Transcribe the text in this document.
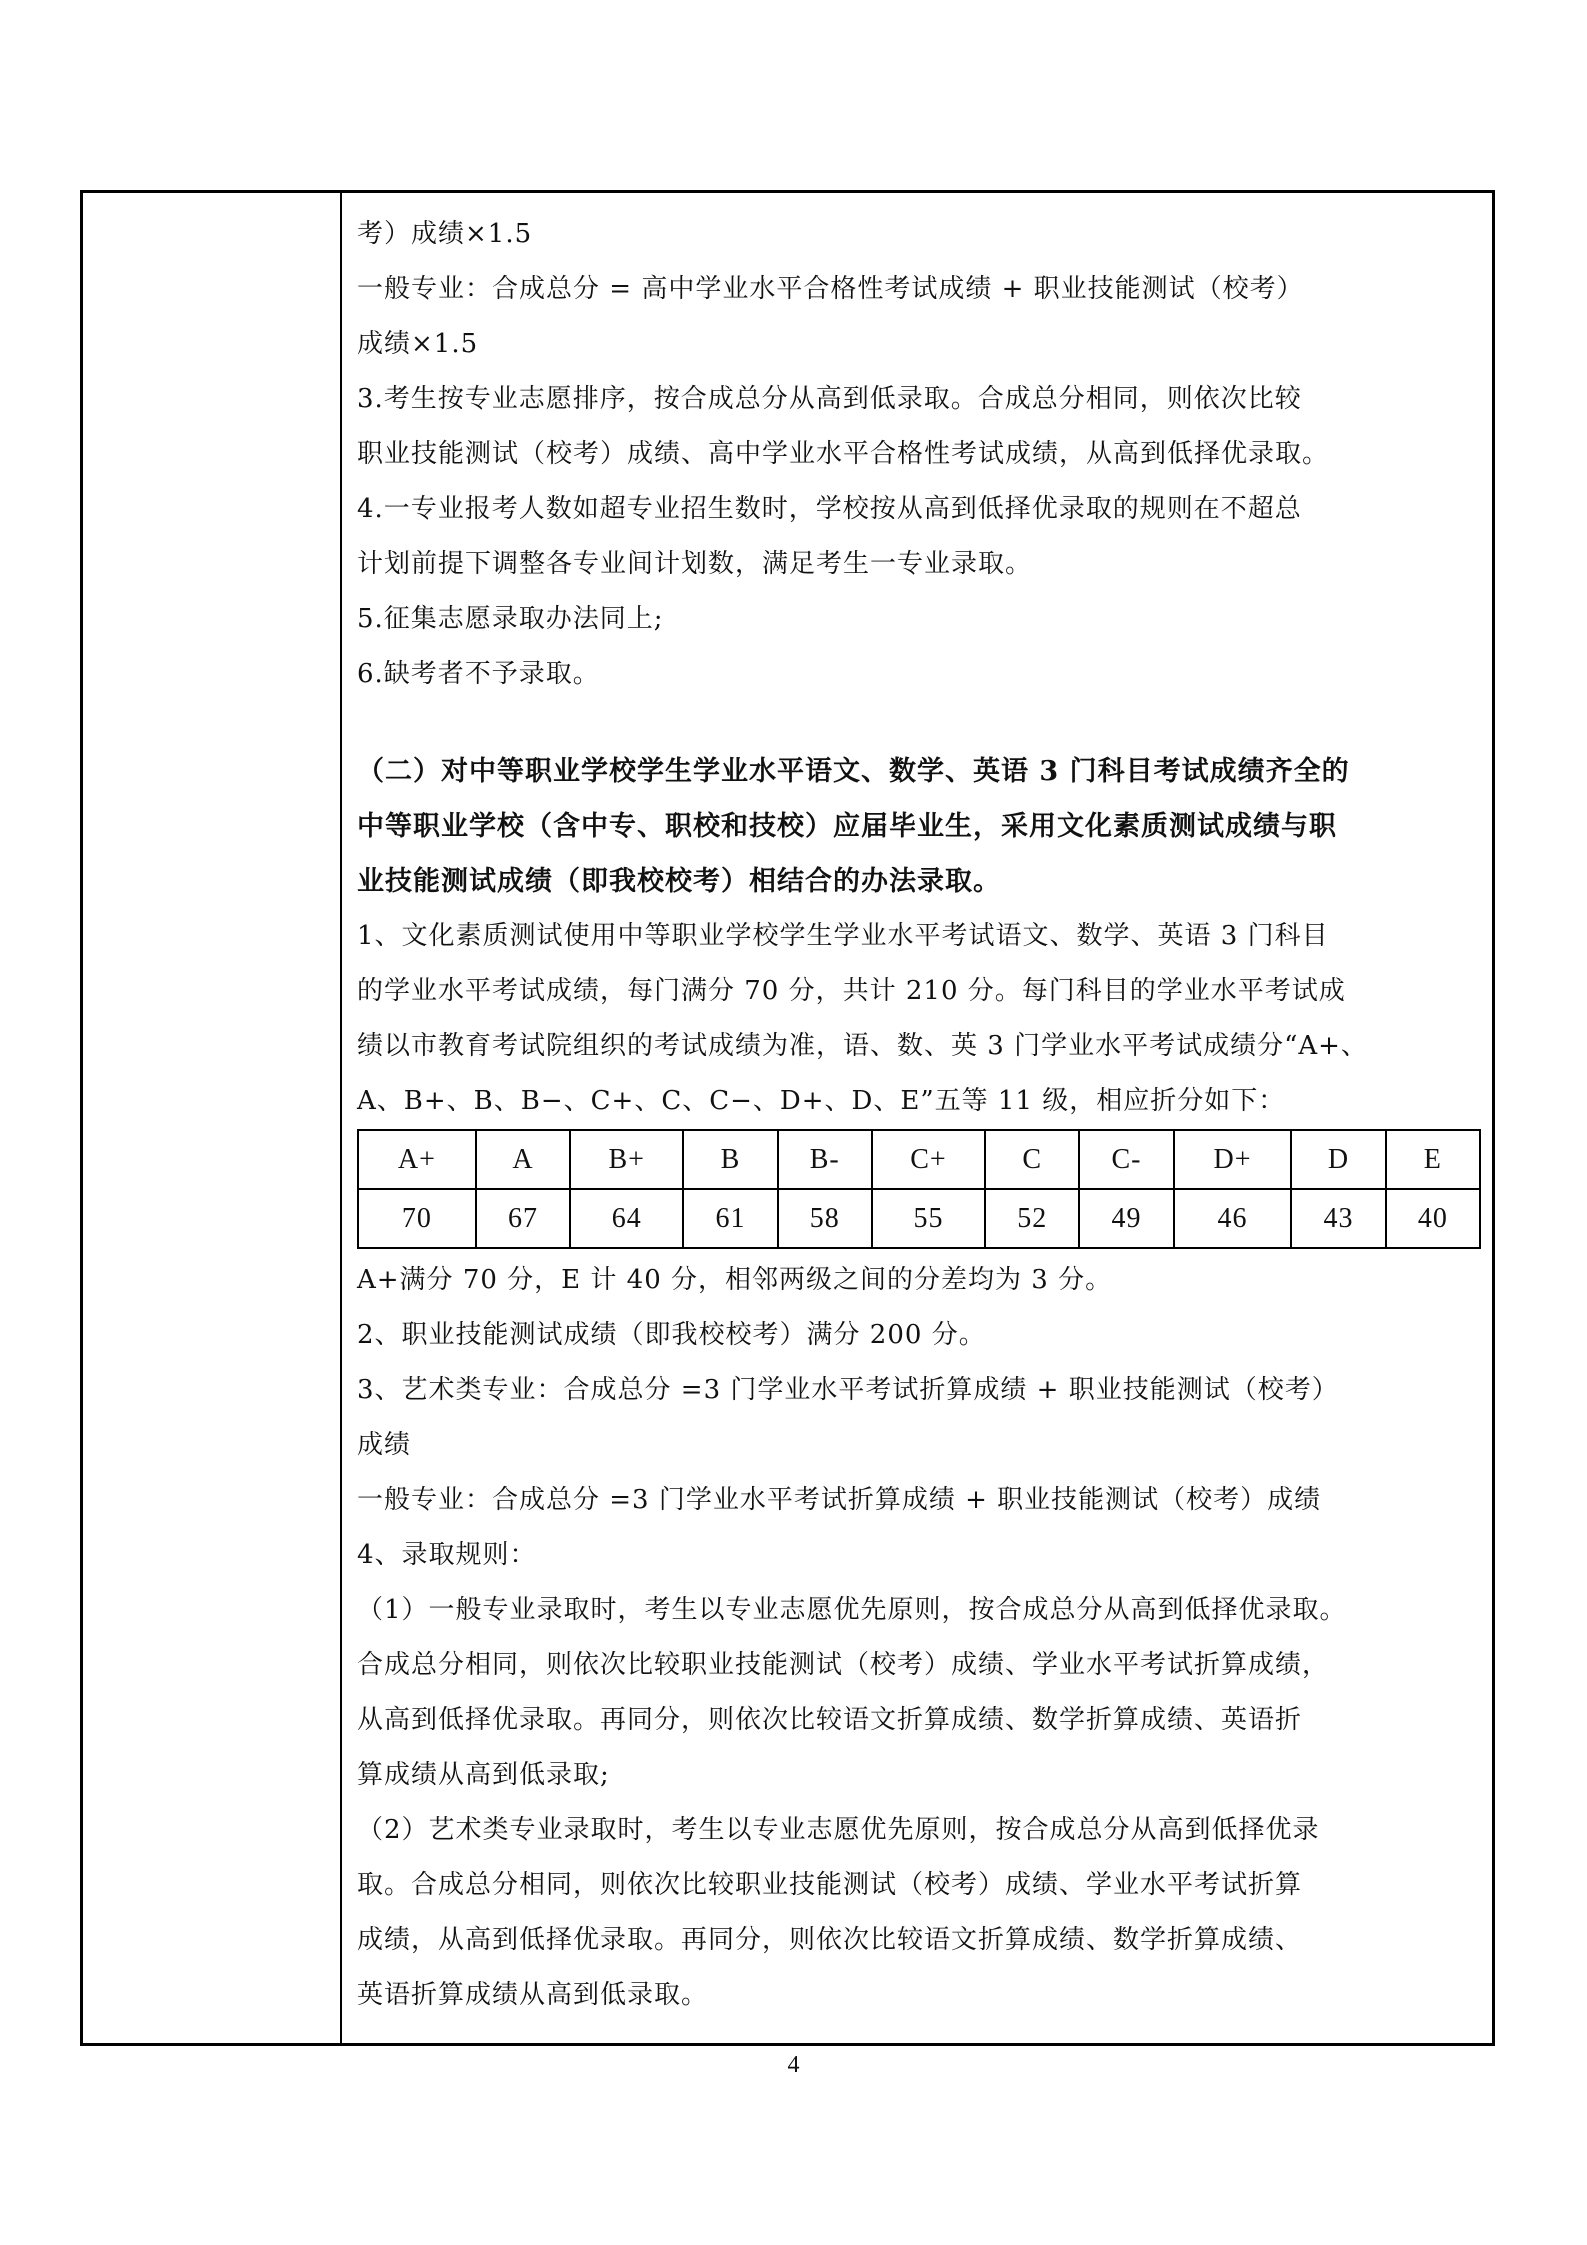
考）成绩×1.5
一般专业：合成总分 = 高中学业水平合格性考试成绩 + 职业技能测试（校考）
成绩×1.5
3.考生按专业志愿排序，按合成总分从高到低录取。合成总分相同，则依次比较
职业技能测试（校考）成绩、高中学业水平合格性考试成绩，从高到低择优录取。
4.一专业报考人数如超专业招生数时，学校按从高到低择优录取的规则在不超总
计划前提下调整各专业间计划数，满足考生一专业录取。
5.征集志愿录取办法同上;
6.缺考者不予录取。
（二）对中等职业学校学生学业水平语文、数学、英语 3 门科目考试成绩齐全的
中等职业学校（含中专、职校和技校）应届毕业生，采用文化素质测试成绩与职
业技能测试成绩（即我校校考）相结合的办法录取。
1、文化素质测试使用中等职业学校学生学业水平考试语文、数学、英语 3 门科目
的学业水平考试成绩，每门满分 70 分，共计 210 分。每门科目的学业水平考试成
绩以市教育考试院组织的考试成绩为准，语、数、英 3 门学业水平考试成绩分“A+、
A、B+、B、B−、C+、C、C−、D+、D、E”五等 11 级，相应折分如下：
A+	A	B+	B	B-	C+	C	C-	D+	D	E
70	67	64	61	58	55	52	49	46	43	40
A+满分 70 分，E 计 40 分，相邻两级之间的分差均为 3 分。
2、职业技能测试成绩（即我校校考）满分 200 分。
3、艺术类专业：合成总分 =3 门学业水平考试折算成绩 + 职业技能测试（校考）
成绩
一般专业：合成总分 =3 门学业水平考试折算成绩 + 职业技能测试（校考）成绩
4、录取规则：
（1）一般专业录取时，考生以专业志愿优先原则，按合成总分从高到低择优录取。
合成总分相同，则依次比较职业技能测试（校考）成绩、学业水平考试折算成绩，
从高到低择优录取。再同分，则依次比较语文折算成绩、数学折算成绩、英语折
算成绩从高到低录取;
（2）艺术类专业录取时，考生以专业志愿优先原则，按合成总分从高到低择优录
取。合成总分相同，则依次比较职业技能测试（校考）成绩、学业水平考试折算
成绩，从高到低择优录取。再同分，则依次比较语文折算成绩、数学折算成绩、
英语折算成绩从高到低录取。
4
